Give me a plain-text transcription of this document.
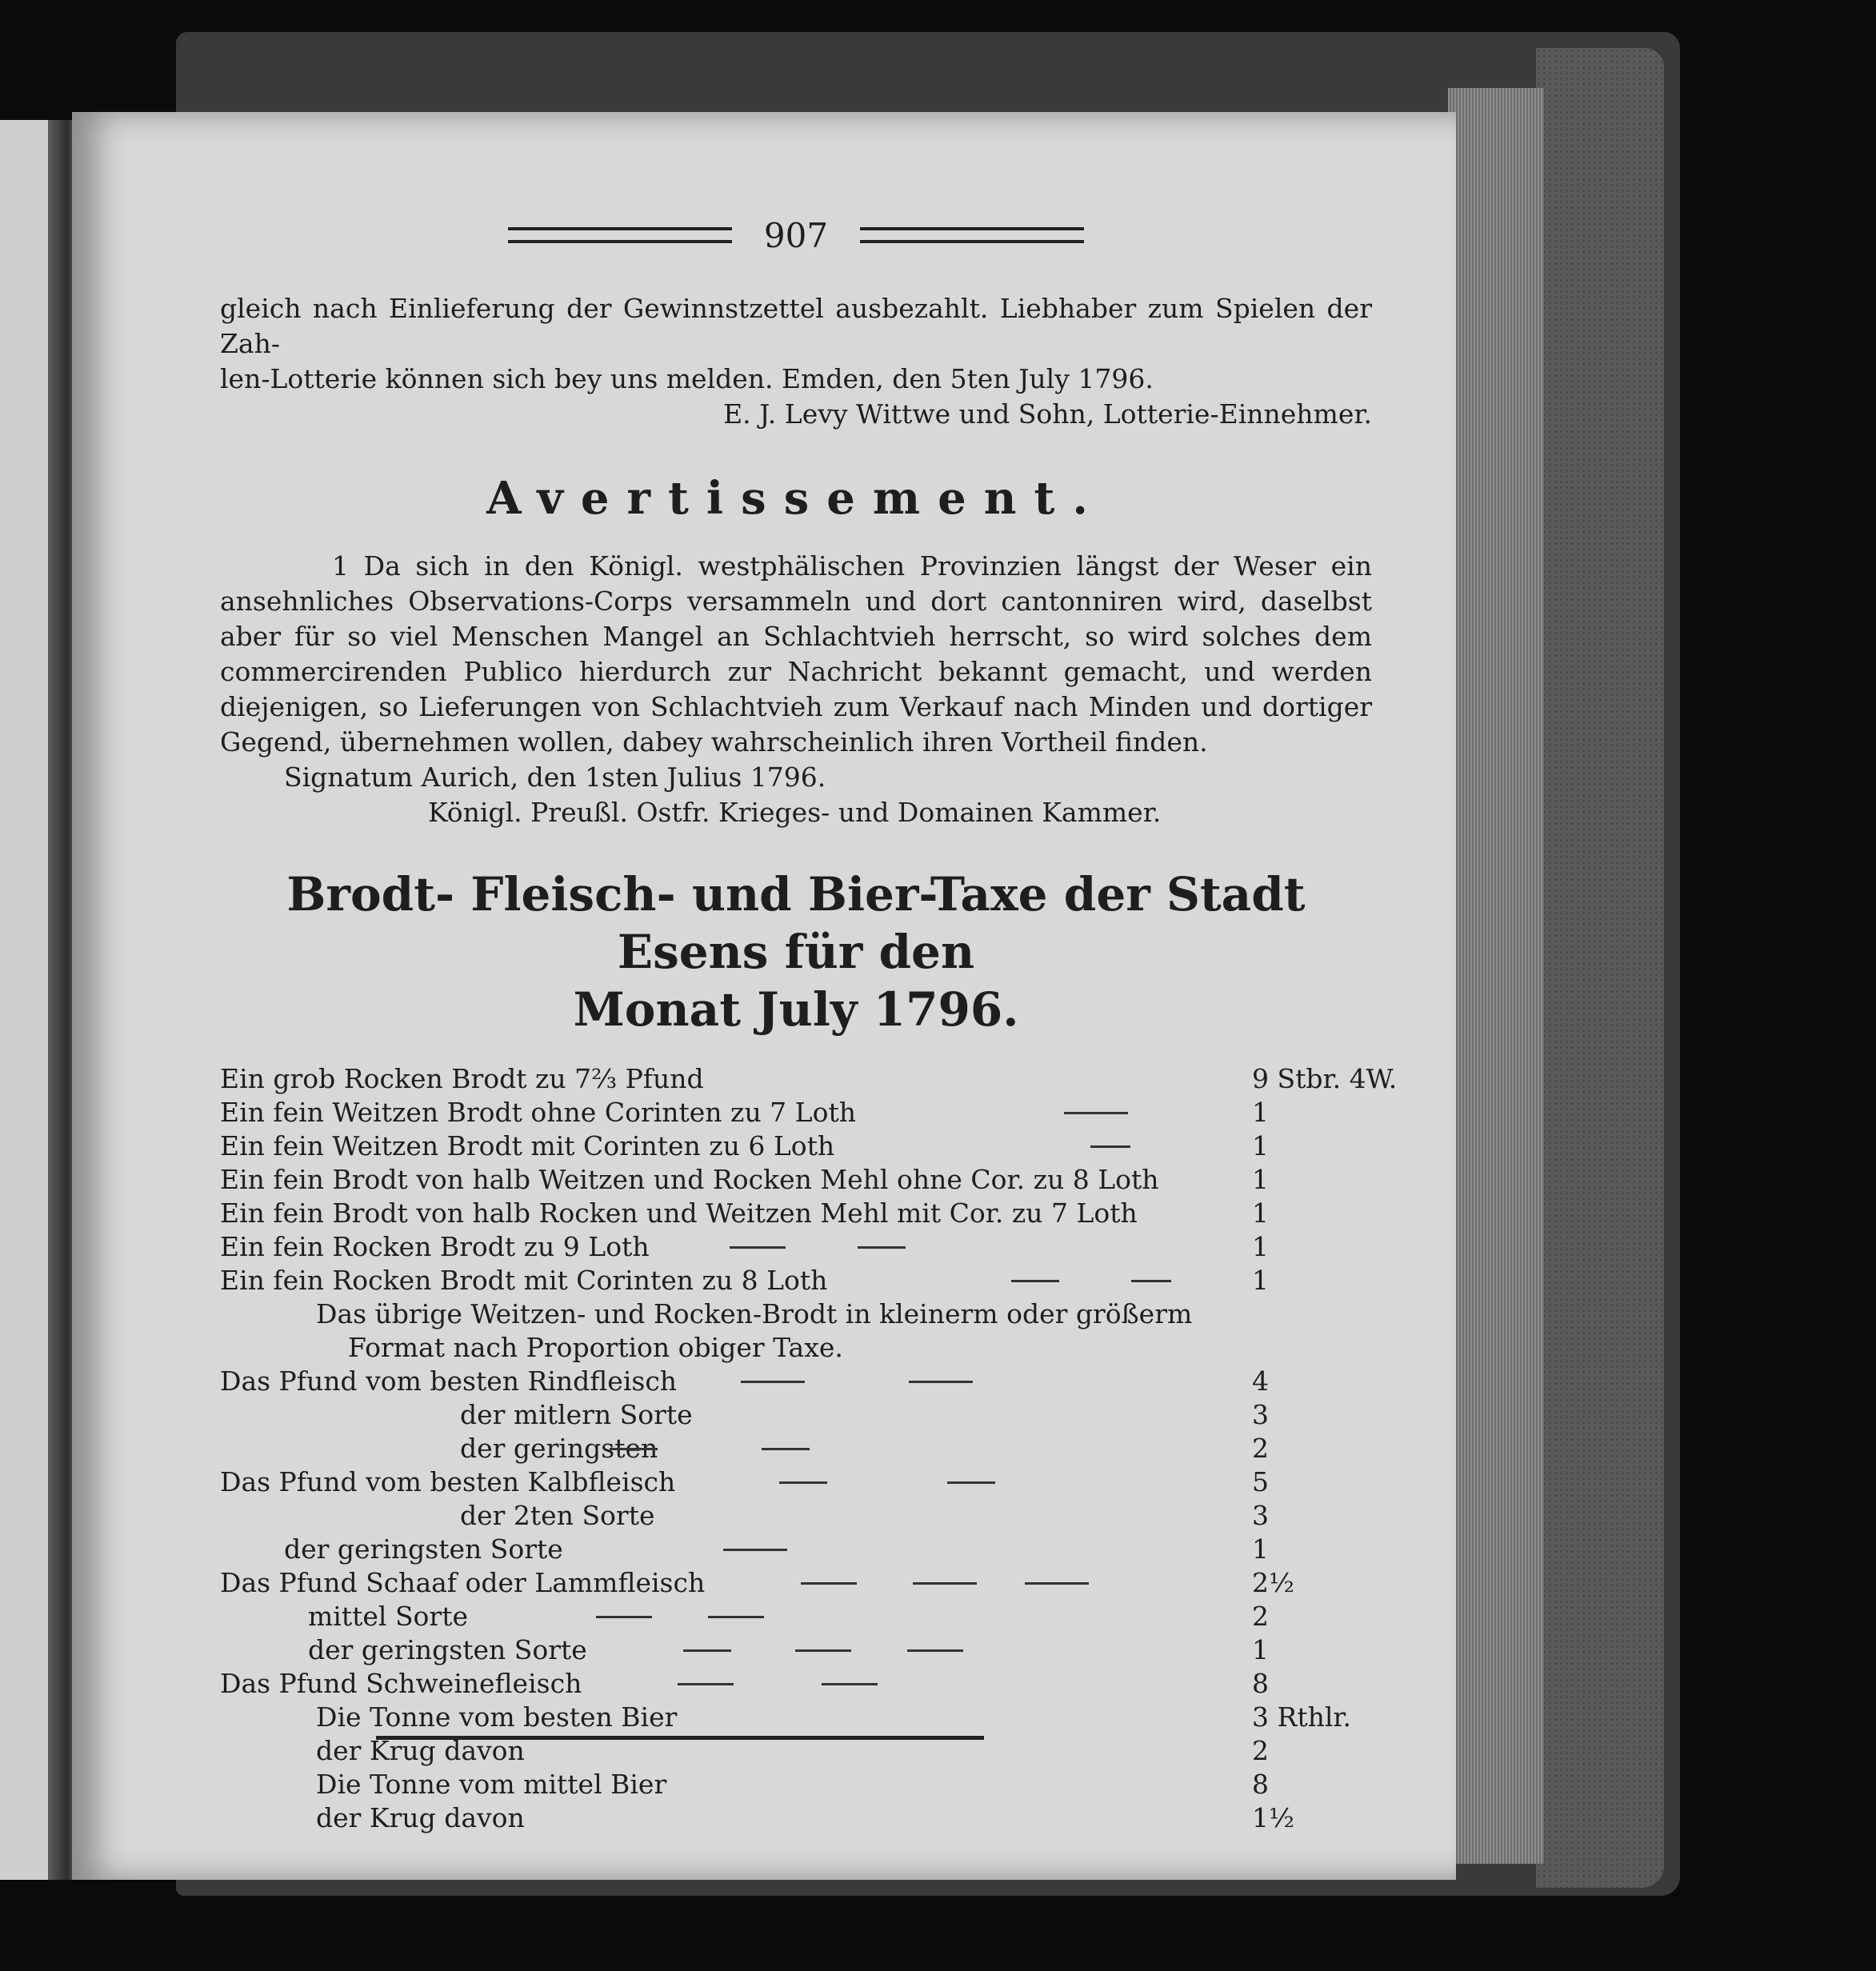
907

gleich nach Einlieferung der Gewinnstzettel ausbezahlt. Liebhaber zum Spielen der Zah-

len-Lotterie können sich bey uns melden. Emden, den 5ten July 1796.

E. J. Levy Wittwe und Sohn, Lotterie-Einnehmer.
Avertissement.
1 Da sich in den Königl. westphälischen Provinzien längst der Weser ein ansehnliches Observations-Corps versammeln und dort cantonniren wird, daselbst aber für so viel Menschen Mangel an Schlachtvieh herrscht, so wird solches dem commercirenden Publico hierdurch zur Nachricht bekannt gemacht, und werden diejenigen, so Lieferungen von Schlachtvieh zum Verkauf nach Minden und dortiger Gegend, übernehmen wollen, dabey wahrscheinlich ihren Vortheil finden.
Signatum Aurich, den 1sten Julius 1796.
Königl. Preußl. Ostfr. Krieges- und Domainen Kammer.
Brodt- Fleisch- und Bier-Taxe der Stadt Esens für den
Monat July 1796.
Ein grob Rocken Brodt zu 7⅔ Pfund	9 Stbr. 4W.
Ein fein Weitzen Brodt ohne Corinten zu 7 Loth	1
Ein fein Weitzen Brodt mit Corinten zu 6 Loth	1
Ein fein Brodt von halb Weitzen und Rocken Mehl ohne Cor. zu 8 Loth	1
Ein fein Brodt von halb Rocken und Weitzen Mehl mit Cor. zu 7 Loth	1
Ein fein Rocken Brodt zu 9 Loth	1
Ein fein Rocken Brodt mit Corinten zu 8 Loth	1
Das übrige Weitzen- und Rocken-Brodt in kleinerm oder größerm
Format nach Proportion obiger Taxe.
Das Pfund vom besten Rindfleisch	4
der mitlern Sorte	3
der geringsten	2
Das Pfund vom besten Kalbfleisch	5
der 2ten Sorte	3
der geringsten Sorte	1
Das Pfund Schaaf oder Lammfleisch	2½
mittel Sorte	2
der geringsten Sorte	1
Das Pfund Schweinefleisch	8
Die Tonne vom besten Bier	3 Rthlr.
der Krug davon	2
Die Tonne vom mittel Bier	8
der Krug davon	1½
